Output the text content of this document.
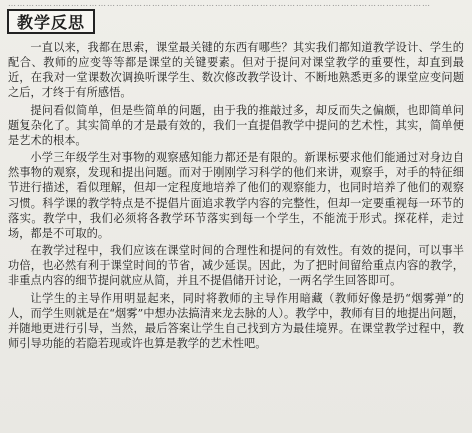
……………………………………………………………………………………………………………………………
教学反思

一直以来，我都在思索，课堂最关键的东西有哪些？其实我们都知道教学设计、学生的配合、教师的应变等等都是课堂的关键要素。但对于提问对课堂教学的重要性，却直到最近，在我对一堂课数次调换听课学生、数次修改教学设计、不断地熟悉更多的课堂应变问题之后，才终于有所感悟。

提问看似简单，但是些简单的问题，由于我的推敲过多，却反而失之偏颇，也即简单问题复杂化了。其实简单的才是最有效的，我们一直提倡教学中提问的艺术性，其实，简单便是艺术的根本。

小学三年级学生对事物的观察感知能力都还是有限的。新课标要求他们能通过对身边自然事物的观察，发现和提出问题。而对于刚刚学习科学的他们来讲，观察手，对手的特征细节进行描述，看似理解，但却一定程度地培养了他们的观察能力，也同时培养了他们的观察习惯。科学课的教学特点是不提倡片面追求教学内容的完整性，但却一定要重视每一环节的落实。教学中，我们必须将各教学环节落实到每一个学生，不能流于形式。探花样，走过场，都是不可取的。

在教学过程中，我们应该在课堂时间的合理性和提问的有效性。有效的提问，可以事半功倍，也必然有利于课堂时间的节省，减少延误。因此，为了把时间留给重点内容的教学，非重点内容的细节提问就应从简，并且不提倡储开讨论，一两名学生回答即可。

让学生的主导作用明显起来，同时将教师的主导作用暗藏（教师好像是扔“烟雾弹”的人，而学生则就是在“烟雾”中想办法搞清来龙去脉的人）。教学中，教师有目的地提出问题，并随地更进行引导，当然，最后答案让学生自己找到方为最佳境界。在课堂教学过程中，教师引导功能的若隐若现或许也算是教学的艺术性吧。
